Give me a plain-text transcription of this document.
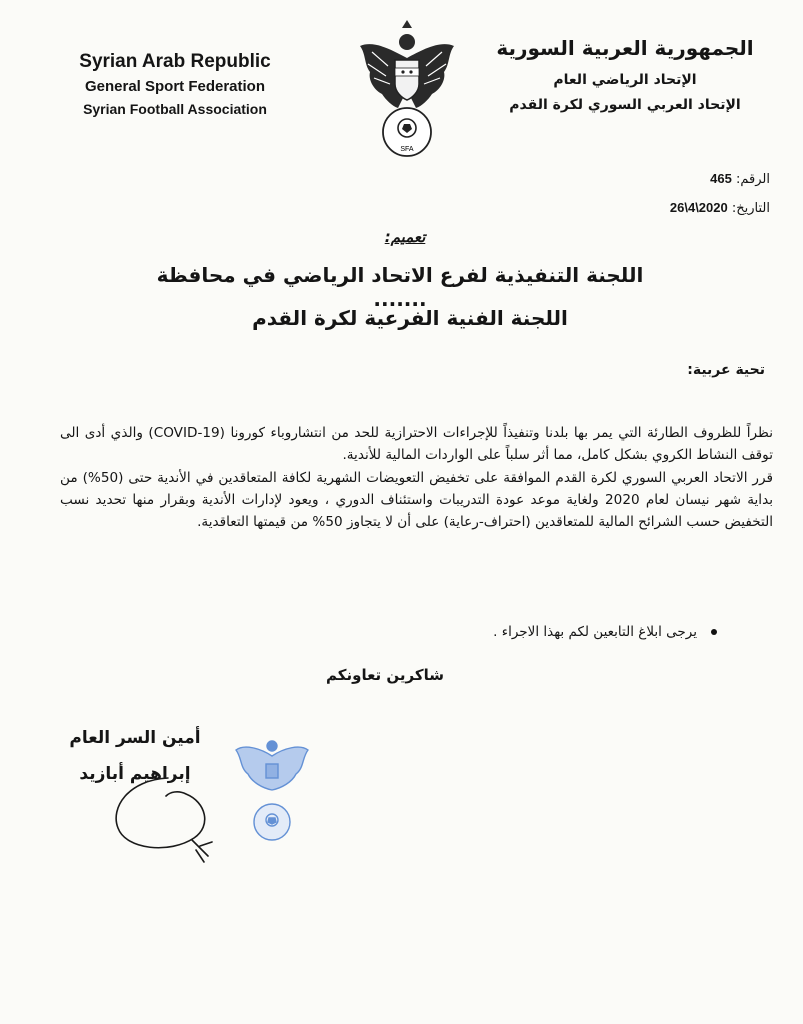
Syrian Arab Republic
General Sport Federation
Syrian Football Association
SFA
الجمهورية العربية السورية
الإتحاد الرياضي العام
الإتحاد العربي السوري لكرة القدم
الرقم: 465
التاريخ: 26\4\2020
تعميم:
اللجنة التنفيذية لفرع الاتحاد الرياضي في محافظة .......
اللجنة الفنية الفرعية لكرة القدم
تحية عربية:

نظراً للظروف الطارئة التي يمر بها بلدنا وتنفيذاً للإجراءات الاحترازية للحد من انتشاروباء كورونا (COVID-19) والذي أدى الى توقف النشاط الكروي بشكل كامل، مما أثر سلباً على الواردات المالية للأندية.

قرر الاتحاد العربي السوري لكرة القدم الموافقة على تخفيض التعويضات الشهرية لكافة المتعاقدين في الأندية حتى (50%) من بداية شهر نيسان لعام 2020 ولغاية موعد عودة التدريبات واستئناف الدوري ، ويعود لإدارات الأندية وبقرار منها تحديد نسب التخفيض حسب الشرائح المالية للمتعاقدين (احتراف-رعاية) على أن لا يتجاوز 50% من قيمتها التعاقدية.

يرجى ابلاغ التابعين لكم بهذا الاجراء .
شاكرين تعاونكم
أمين السر العام
إبراهيم أبازيد
